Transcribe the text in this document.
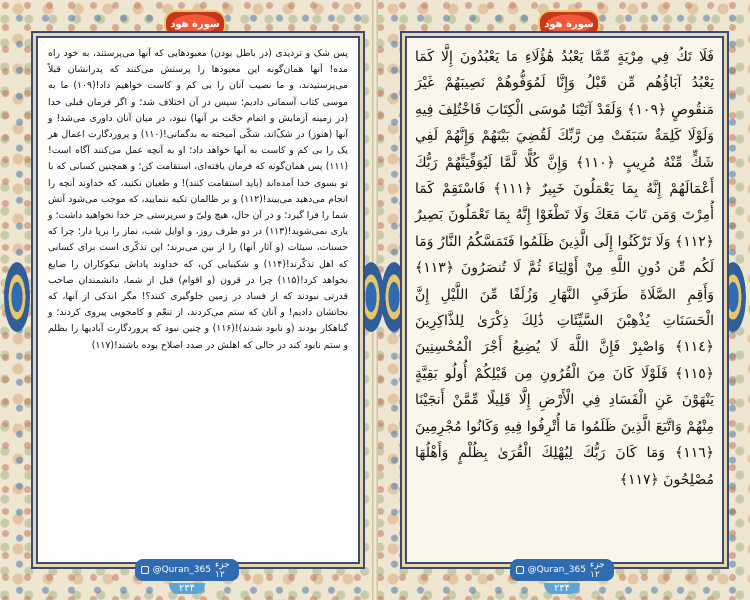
سورة هود	سورة هود

پس شک و تردیدی (در باطل بودن) معبودهایی که آنها می‌پرستند، به خود راه مده! آنها همان‌گونه این معبودها را پرستش می‌کنند که پدرانشان قبلاً می‌پرستیدند، و ما نصیب آنان را بی کم و کاست خواهیم داد!(۱۰۹) ما به موسی کتاب آسمانی دادیم؛ سپس در آن اختلاف شد؛ و اگر فرمان قبلی خدا (در زمینه آزمایش و اتمام حجّت بر آنها) نبود، در میان آنان داوری می‌شد! و آنها (هنوز) در شکّ‌اند، شکّی آمیخته به بدگمانی!(۱۱۰) و پروردگارت اعمال هر یک را بی کم و کاست به آنها خواهد داد؛ او به آنچه عمل می‌کنند آگاه است!(۱۱۱) پس همان‌گونه که فرمان یافته‌ای، استقامت کن؛ و همچنین کسانی که با تو بسوی خدا آمده‌اند (باید استقامت کنند)! و طغیان نکنید، که خداوند آنچه را انجام می‌دهید می‌بیند!(۱۱۲) و بر ظالمان تکیه ننمایید، که موجب می‌شود آتش شما را فرا گیرد؛ و در آن حال، هیچ ولیّ و سرپرستی جز خدا نخواهید داشت؛ و یاری نمی‌شوید!(۱۱۳) در دو طرف روز، و اوایل شب، نماز را برپا دار؛ چرا که حسنات، سیئات (و آثار آنها) را از بین می‌برند؛ این تذکّری است برای کسانی که اهل تذکّرند!(۱۱۴) و شکیبایی کن، که خداوند پاداش نیکوکاران را ضایع نخواهد کرد!(۱۱۵) چرا در قرون (و اقوام) قبل از شما، دانشمندان صاحب قدرتی نبودند که از فساد در زمین جلوگیری کنند؟! مگر اندکی از آنها، که نجاتشان دادیم! و آنان که ستم می‌کردند، از تنعّم و کامجویی پیروی کردند؛ و گناهکار بودند (و نابود شدند)!(۱۱۶) و چنین نبود که پروردگارت آبادیها را بظلم و ستم نابود کند در حالی که اهلش در صدد اصلاح بوده باشند!(۱۱۷)

فَلَا تَكُ فِي مِرْيَةٍ مِّمَّا يَعْبُدُ هَٰؤُلَاءِ مَا يَعْبُدُونَ إِلَّا كَمَا يَعْبُدُ آبَاؤُهُم مِّن قَبْلُ وَإِنَّا لَمُوَفُّوهُمْ نَصِيبَهُمْ غَيْرَ مَنقُوصٍ ﴿١٠٩﴾ وَلَقَدْ آتَيْنَا مُوسَى الْكِتَابَ فَاخْتُلِفَ فِيهِ وَلَوْلَا كَلِمَةٌ سَبَقَتْ مِن رَّبِّكَ لَقُضِيَ بَيْنَهُمْ وَإِنَّهُمْ لَفِي شَكٍّ مِّنْهُ مُرِيبٍ ﴿١١٠﴾ وَإِنَّ كُلًّا لَّمَّا لَيُوَفِّيَنَّهُمْ رَبُّكَ أَعْمَالَهُمْ إِنَّهُ بِمَا يَعْمَلُونَ خَبِيرٌ ﴿١١١﴾ فَاسْتَقِمْ كَمَا أُمِرْتَ وَمَن تَابَ مَعَكَ وَلَا تَطْغَوْا إِنَّهُ بِمَا تَعْمَلُونَ بَصِيرٌ ﴿١١٢﴾ وَلَا تَرْكَنُوا إِلَى الَّذِينَ ظَلَمُوا فَتَمَسَّكُمُ النَّارُ وَمَا لَكُم مِّن دُونِ اللَّهِ مِنْ أَوْلِيَاءَ ثُمَّ لَا تُنصَرُونَ ﴿١١٣﴾ وَأَقِمِ الصَّلَاةَ طَرَفَيِ النَّهَارِ وَزُلَفًا مِّنَ اللَّيْلِ إِنَّ الْحَسَنَاتِ يُذْهِبْنَ السَّيِّئَاتِ ذَٰلِكَ ذِكْرَىٰ لِلذَّاكِرِينَ ﴿١١٤﴾ وَاصْبِرْ فَإِنَّ اللَّهَ لَا يُضِيعُ أَجْرَ الْمُحْسِنِينَ ﴿١١٥﴾ فَلَوْلَا كَانَ مِنَ الْقُرُونِ مِن قَبْلِكُمْ أُولُو بَقِيَّةٍ يَنْهَوْنَ عَنِ الْفَسَادِ فِي الْأَرْضِ إِلَّا قَلِيلًا مِّمَّنْ أَنجَيْنَا مِنْهُمْ وَاتَّبَعَ الَّذِينَ ظَلَمُوا مَا أُتْرِفُوا فِيهِ وَكَانُوا مُجْرِمِينَ ﴿١١٦﴾ وَمَا كَانَ رَبُّكَ لِيُهْلِكَ الْقُرَىٰ بِظُلْمٍ وَأَهْلُهَا مُصْلِحُونَ ﴿١١٧﴾

@Quran_365 جزء ۱۲
۲۳۴
@Quran_365 جزء ۱۲
۲۳۴
